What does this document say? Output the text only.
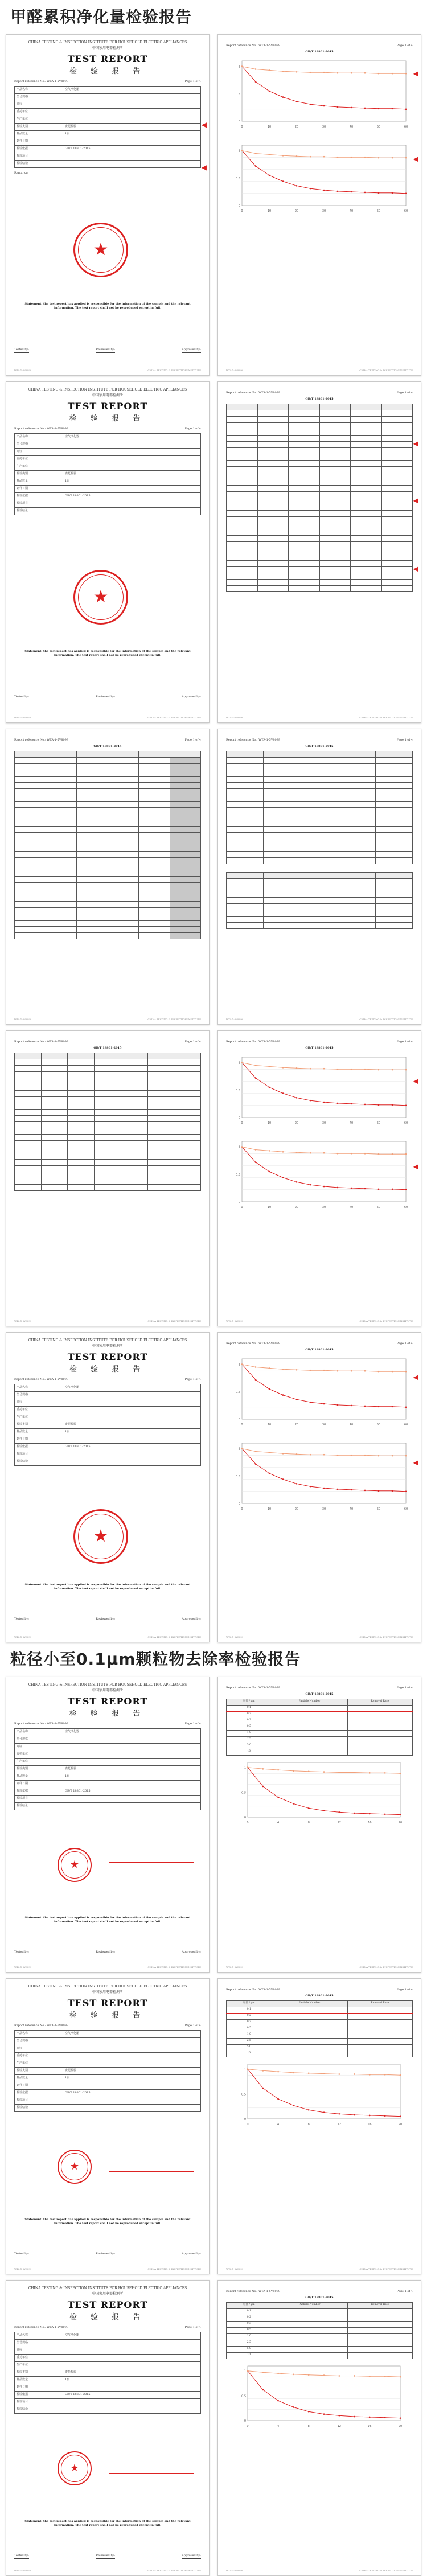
甲醛累积净化量检验报告
CHINA TESTING & INSPECTION INSTITUTE FOR HOUSEHOLD ELECTRIC APPLIANCES
中国家用电器检测所
TEST REPORT
检 验 报 告
Report reference No.: WTA-1-5V8099	Page 1 of 4
产品名称	空气净化器
型号规格	
商标	
委托单位	
生产单位	
检验类别	委托检验
样品数量	1台
到样日期	
检验依据	GB/T 18801-2015
检验项目	
检验结论	

Remarks:

★
Statement: the test report has applied is responsible for the information of the sample and the relevant information. The test report shall not be reproduced except in full.
Tested by:	Reviewed by:	Approved by:
◀
◀
WTA-1-5V8099	CHINA TESTING & INSPECTION INSTITUTE
Report reference No.: WTA-1-5V8099	Page 1 of 4
GB/T 18801-2015
0	10	20	30	40	50	60
0
0.5
1
0	10	20	30	40	50	60
0
0.5
1
◀
◀
WTA-1-5V8099	CHINA TESTING & INSPECTION INSTITUTE
CHINA TESTING & INSPECTION INSTITUTE FOR HOUSEHOLD ELECTRIC APPLIANCES
中国家用电器检测所
TEST REPORT
检 验 报 告
Report reference No.: WTA-1-5V8099	Page 1 of 4
产品名称	空气净化器
型号规格	
商标	
委托单位	
生产单位	
检验类别	委托检验
样品数量	1台
到样日期	
检验依据	GB/T 18801-2015
检验项目	
检验结论	
★
Statement: the test report has applied is responsible for the information of the sample and the relevant information. The test report shall not be reproduced except in full.
Tested by:	Reviewed by:	Approved by:
WTA-1-5V8099	CHINA TESTING & INSPECTION INSTITUTE
Report reference No.: WTA-1-5V8099	Page 1 of 4
GB/T 18801-2015

◀
◀
◀
WTA-1-5V8099	CHINA TESTING & INSPECTION INSTITUTE
Report reference No.: WTA-1-5V8099	Page 1 of 4
GB/T 18801-2015

WTA-1-5V8099	CHINA TESTING & INSPECTION INSTITUTE
Report reference No.: WTA-1-5V8099	Page 1 of 4
GB/T 18801-2015

WTA-1-5V8099	CHINA TESTING & INSPECTION INSTITUTE
Report reference No.: WTA-1-5V8099	Page 1 of 4
GB/T 18801-2015

WTA-1-5V8099	CHINA TESTING & INSPECTION INSTITUTE
Report reference No.: WTA-1-5V8099	Page 1 of 4
GB/T 18801-2015
0	10	20	30	40	50	60
0
0.5
1
0	10	20	30	40	50	60
0
0.5
1
◀
◀
WTA-1-5V8099	CHINA TESTING & INSPECTION INSTITUTE
CHINA TESTING & INSPECTION INSTITUTE FOR HOUSEHOLD ELECTRIC APPLIANCES
中国家用电器检测所
TEST REPORT
检 验 报 告
Report reference No.: WTA-1-5V8099	Page 1 of 4
产品名称	空气净化器
型号规格	
商标	
委托单位	
生产单位	
检验类别	委托检验
样品数量	1台
到样日期	
检验依据	GB/T 18801-2015
检验项目	
检验结论	
★
Statement: the test report has applied is responsible for the information of the sample and the relevant information. The test report shall not be reproduced except in full.
Tested by:	Reviewed by:	Approved by:
WTA-1-5V8099	CHINA TESTING & INSPECTION INSTITUTE
Report reference No.: WTA-1-5V8099	Page 1 of 4
GB/T 18801-2015
0	10	20	30	40	50	60
0
0.5
1
0	10	20	30	40	50	60
0
0.5
1
◀
◀
WTA-1-5V8099	CHINA TESTING & INSPECTION INSTITUTE
粒径小至0.1μm颗粒物去除率检验报告
CHINA TESTING & INSPECTION INSTITUTE FOR HOUSEHOLD ELECTRIC APPLIANCES
中国家用电器检测所
TEST REPORT
检 验 报 告
Report reference No.: WTA-1-5V8099	Page 1 of 4
产品名称	空气净化器
型号规格	
商标	
委托单位	
生产单位	
检验类别	委托检验
样品数量	1台
到样日期	
检验依据	GB/T 18801-2015
检验项目	
检验结论	
★
Statement: the test report has applied is responsible for the information of the sample and the relevant information. The test report shall not be reproduced except in full.
Tested by:	Reviewed by:	Approved by:
WTA-1-5V8099	CHINA TESTING & INSPECTION INSTITUTE
Report reference No.: WTA-1-5V8099	Page 1 of 4
GB/T 18801-2015
粒径 / μm	Particle Number	Removal Rate
0.1		
0.2		
0.3		
0.5		
1.0		
2.5		
5.0		
10		
0	4	8	12	16	20
0
0.5
1
WTA-1-5V8099	CHINA TESTING & INSPECTION INSTITUTE
CHINA TESTING & INSPECTION INSTITUTE FOR HOUSEHOLD ELECTRIC APPLIANCES
中国家用电器检测所
TEST REPORT
检 验 报 告
Report reference No.: WTA-1-5V8099	Page 1 of 4
产品名称	空气净化器
型号规格	
商标	
委托单位	
生产单位	
检验类别	委托检验
样品数量	1台
到样日期	
检验依据	GB/T 18801-2015
检验项目	
检验结论	
★
Statement: the test report has applied is responsible for the information of the sample and the relevant information. The test report shall not be reproduced except in full.
Tested by:	Reviewed by:	Approved by:
WTA-1-5V8099	CHINA TESTING & INSPECTION INSTITUTE
Report reference No.: WTA-1-5V8099	Page 1 of 4
GB/T 18801-2015
粒径 / μm	Particle Number	Removal Rate
0.1		
0.2		
0.3		
0.5		
1.0		
2.5		
5.0		
10		
0	4	8	12	16	20
0
0.5
1
WTA-1-5V8099	CHINA TESTING & INSPECTION INSTITUTE
CHINA TESTING & INSPECTION INSTITUTE FOR HOUSEHOLD ELECTRIC APPLIANCES
中国家用电器检测所
TEST REPORT
检 验 报 告
Report reference No.: WTA-1-5V8099	Page 1 of 4
产品名称	空气净化器
型号规格	
商标	
委托单位	
生产单位	
检验类别	委托检验
样品数量	1台
到样日期	
检验依据	GB/T 18801-2015
检验项目	
检验结论	
★
Statement: the test report has applied is responsible for the information of the sample and the relevant information. The test report shall not be reproduced except in full.
Tested by:	Reviewed by:	Approved by:
WTA-1-5V8099	CHINA TESTING & INSPECTION INSTITUTE
Report reference No.: WTA-1-5V8099	Page 1 of 4
GB/T 18801-2015
粒径 / μm	Particle Number	Removal Rate
0.1		
0.2		
0.3		
0.5		
1.0		
2.5		
5.0		
10		
0	4	8	12	16	20
0
0.5
1
WTA-1-5V8099	CHINA TESTING & INSPECTION INSTITUTE
